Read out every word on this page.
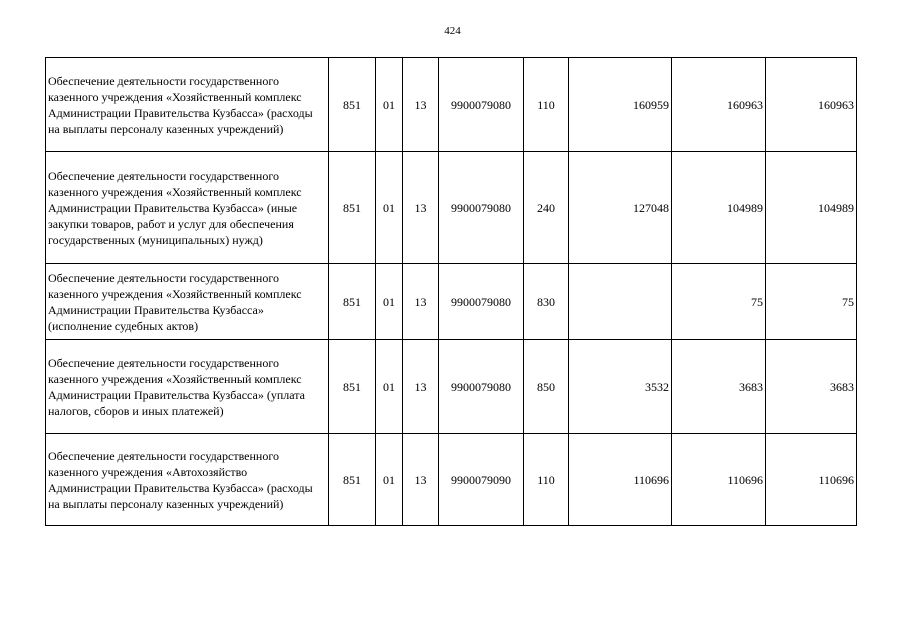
424
Обеспечение деятельности государственного казенного учреждения «Хозяйственный комплекс Администрации Правительства Кузбасса» (расходы на выплаты персоналу казенных учреждений)	851	01	13	9900079080	110	160959	160963	160963
Обеспечение деятельности государственного казенного учреждения «Хозяйственный комплекс Администрации Правительства Кузбасса» (иные закупки товаров, работ и услуг для обеспечения государственных (муниципальных) нужд)	851	01	13	9900079080	240	127048	104989	104989
Обеспечение деятельности государственного казенного учреждения «Хозяйственный комплекс Администрации Правительства Кузбасса» (исполнение судебных актов)	851	01	13	9900079080	830		75	75
Обеспечение деятельности государственного казенного учреждения «Хозяйственный комплекс Администрации Правительства Кузбасса» (уплата налогов, сборов и иных платежей)	851	01	13	9900079080	850	3532	3683	3683
Обеспечение деятельности государственного казенного учреждения «Автохозяйство Администрации Правительства Кузбасса» (расходы на выплаты персоналу казенных учреждений)	851	01	13	9900079090	110	110696	110696	110696
